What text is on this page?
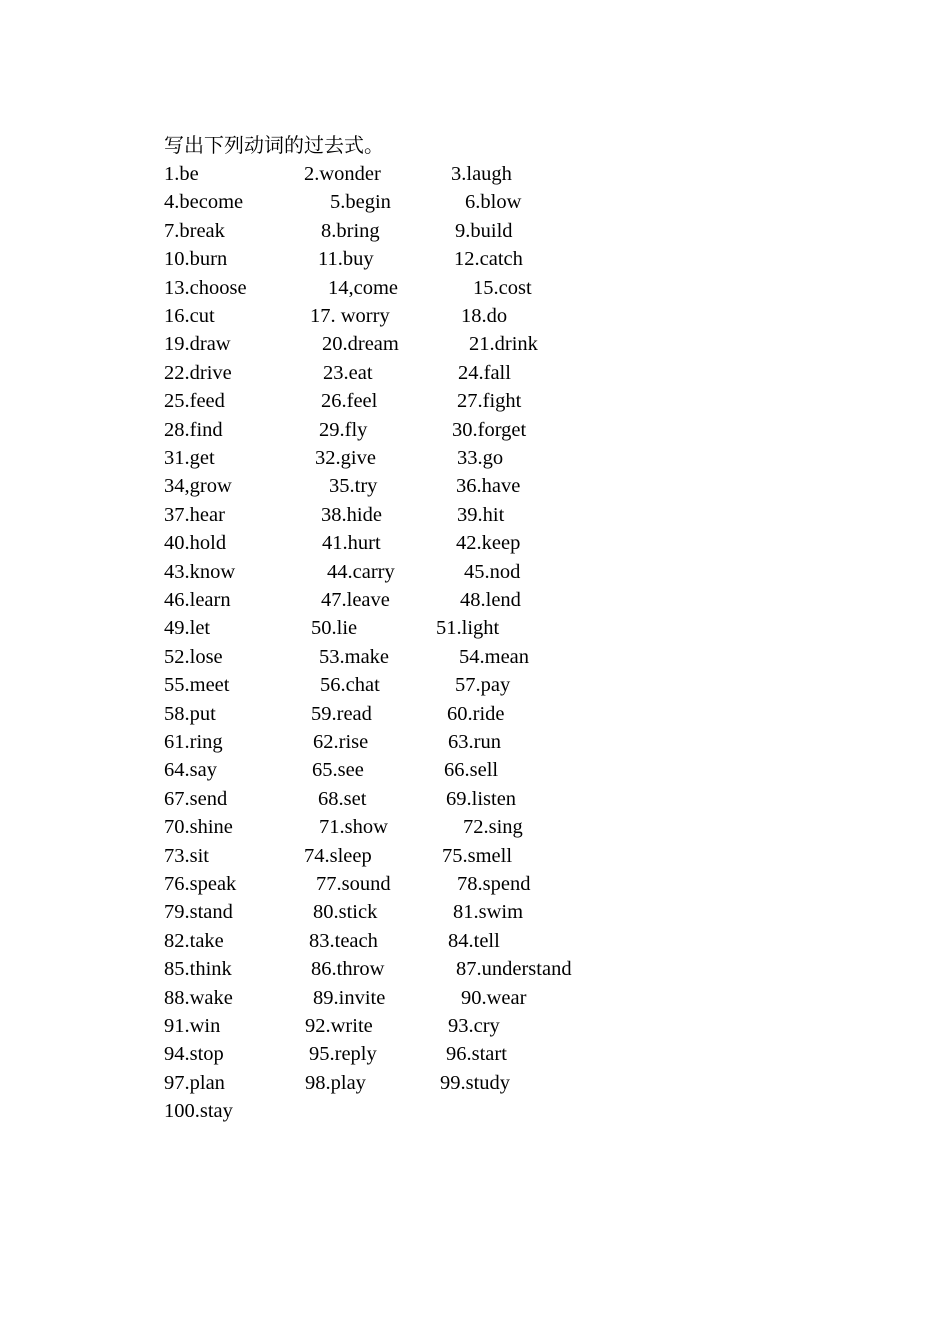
写出下列动词的过去式。
1.be	2.wonder	3.laugh
4.become	5.begin	6.blow
7.break	8.bring	9.build
10.burn	11.buy	12.catch
13.choose	14,come	15.cost
16.cut	17. worry	18.do
19.draw	20.dream	21.drink
22.drive	23.eat	24.fall
25.feed	26.feel	27.fight
28.find	29.fly	30.forget
31.get	32.give	33.go
34,grow	35.try	36.have
37.hear	38.hide	39.hit
40.hold	41.hurt	42.keep
43.know	44.carry	45.nod
46.learn	47.leave	48.lend
49.let	50.lie	51.light
52.lose	53.make	54.mean
55.meet	56.chat	57.pay
58.put	59.read	60.ride
61.ring	62.rise	63.run
64.say	65.see	66.sell
67.send	68.set	69.listen
70.shine	71.show	72.sing
73.sit	74.sleep	75.smell
76.speak	77.sound	78.spend
79.stand	80.stick	81.swim
82.take	83.teach	84.tell
85.think	86.throw	87.understand
88.wake	89.invite	90.wear
91.win	92.write	93.cry
94.stop	95.reply	96.start
97.plan	98.play	99.study
100.stay
